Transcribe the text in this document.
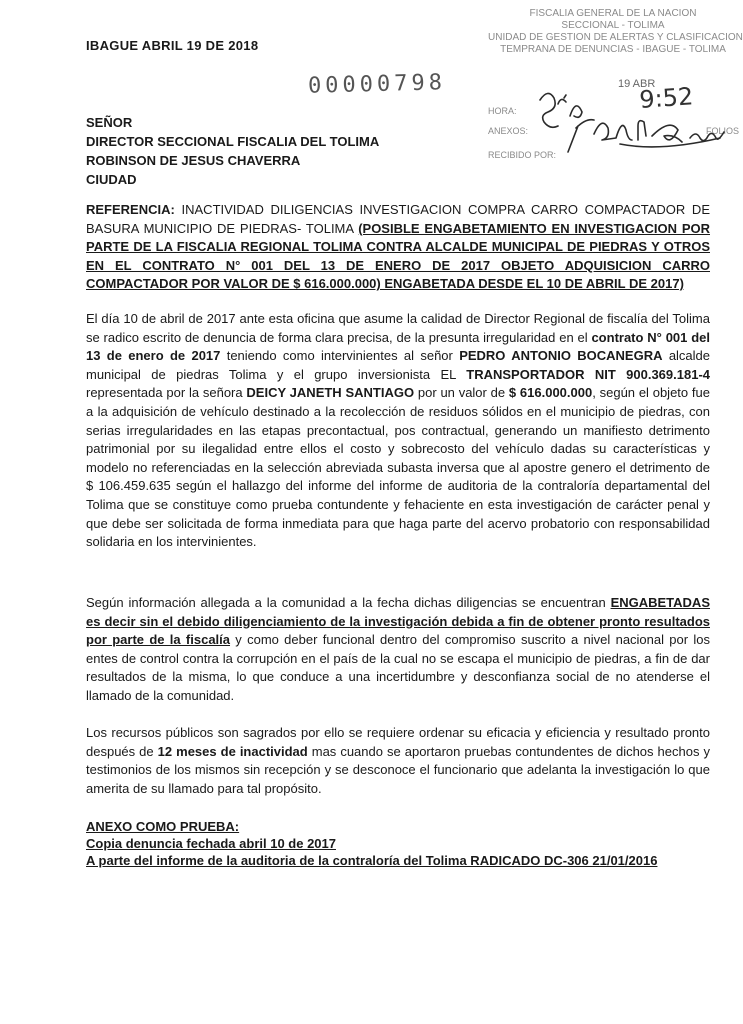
IBAGUE ABRIL 19 DE 2018
00000798
FISCALIA GENERAL DE LA NACION
SECCIONAL - TOLIMA
UNIDAD DE GESTION DE ALERTAS Y CLASIFICACION
TEMPRANA DE DENUNCIAS - IBAGUE - TOLIMA
HORA:
ANEXOS:	FOLIOS
RECIBIDO POR:
19 ABR
9:52
SEÑOR
DIRECTOR SECCIONAL FISCALIA DEL TOLIMA
ROBINSON DE JESUS CHAVERRA
CIUDAD
REFERENCIA: INACTIVIDAD DILIGENCIAS INVESTIGACION COMPRA CARRO COMPACTADOR DE BASURA MUNICIPIO DE PIEDRAS- TOLIMA (POSIBLE ENGABETAMIENTO EN INVESTIGACION POR PARTE DE LA FISCALIA REGIONAL TOLIMA CONTRA ALCALDE MUNICIPAL DE PIEDRAS Y OTROS EN EL CONTRATO N° 001 DEL 13 DE ENERO DE 2017 OBJETO ADQUISICION CARRO COMPACTADOR POR VALOR DE $ 616.000.000) ENGABETADA DESDE EL 10 DE ABRIL DE 2017)
El día 10 de abril de 2017 ante esta oficina que asume la calidad de Director Regional de fiscalía del Tolima se radico escrito de denuncia de forma clara precisa, de la presunta irregularidad en el contrato N° 001 del 13 de enero de 2017 teniendo como intervinientes al señor PEDRO ANTONIO BOCANEGRA alcalde municipal de piedras Tolima y el grupo inversionista EL TRANSPORTADOR NIT 900.369.181-4 representada por la señora DEICY JANETH SANTIAGO por un valor de $ 616.000.000, según el objeto fue a la adquisición de vehículo destinado a la recolección de residuos sólidos en el municipio de piedras, con serias irregularidades en las etapas precontactual, pos contractual, generando un manifiesto detrimento patrimonial por su ilegalidad entre ellos el costo y sobrecosto del vehículo dadas su características y modelo no referenciadas en la selección abreviada subasta inversa que al apostre genero el detrimento de $ 106.459.635 según el hallazgo del informe del informe de auditoria de la contraloría departamental del Tolima que se constituye como prueba contundente y fehaciente en esta investigación de carácter penal y que debe ser solicitada de forma inmediata para que haga parte del acervo probatorio con responsabilidad solidaria en los intervinientes.
Según información allegada a la comunidad a la fecha dichas diligencias se encuentran ENGABETADAS es decir sin el debido diligenciamiento de la investigación debida a fin de obtener pronto resultados por parte de la fiscalía y como deber funcional dentro del compromiso suscrito a nivel nacional por los entes de control contra la corrupción en el país de la cual no se escapa el municipio de piedras, a fin de dar resultados de la misma, lo que conduce a una incertidumbre y desconfianza social de no atenderse el llamado de la comunidad.
Los recursos públicos son sagrados por ello se requiere ordenar su eficacia y eficiencia y resultado pronto después de 12 meses de inactividad mas cuando se aportaron pruebas contundentes de dichos hechos y testimonios de los mismos sin recepción y se desconoce el funcionario que adelanta la investigación lo que amerita de su llamado para tal propósito.
ANEXO COMO PRUEBA:
Copia denuncia fechada abril 10 de 2017
A parte del informe de la auditoria de la contraloría del Tolima RADICADO DC-306 21/01/2016
